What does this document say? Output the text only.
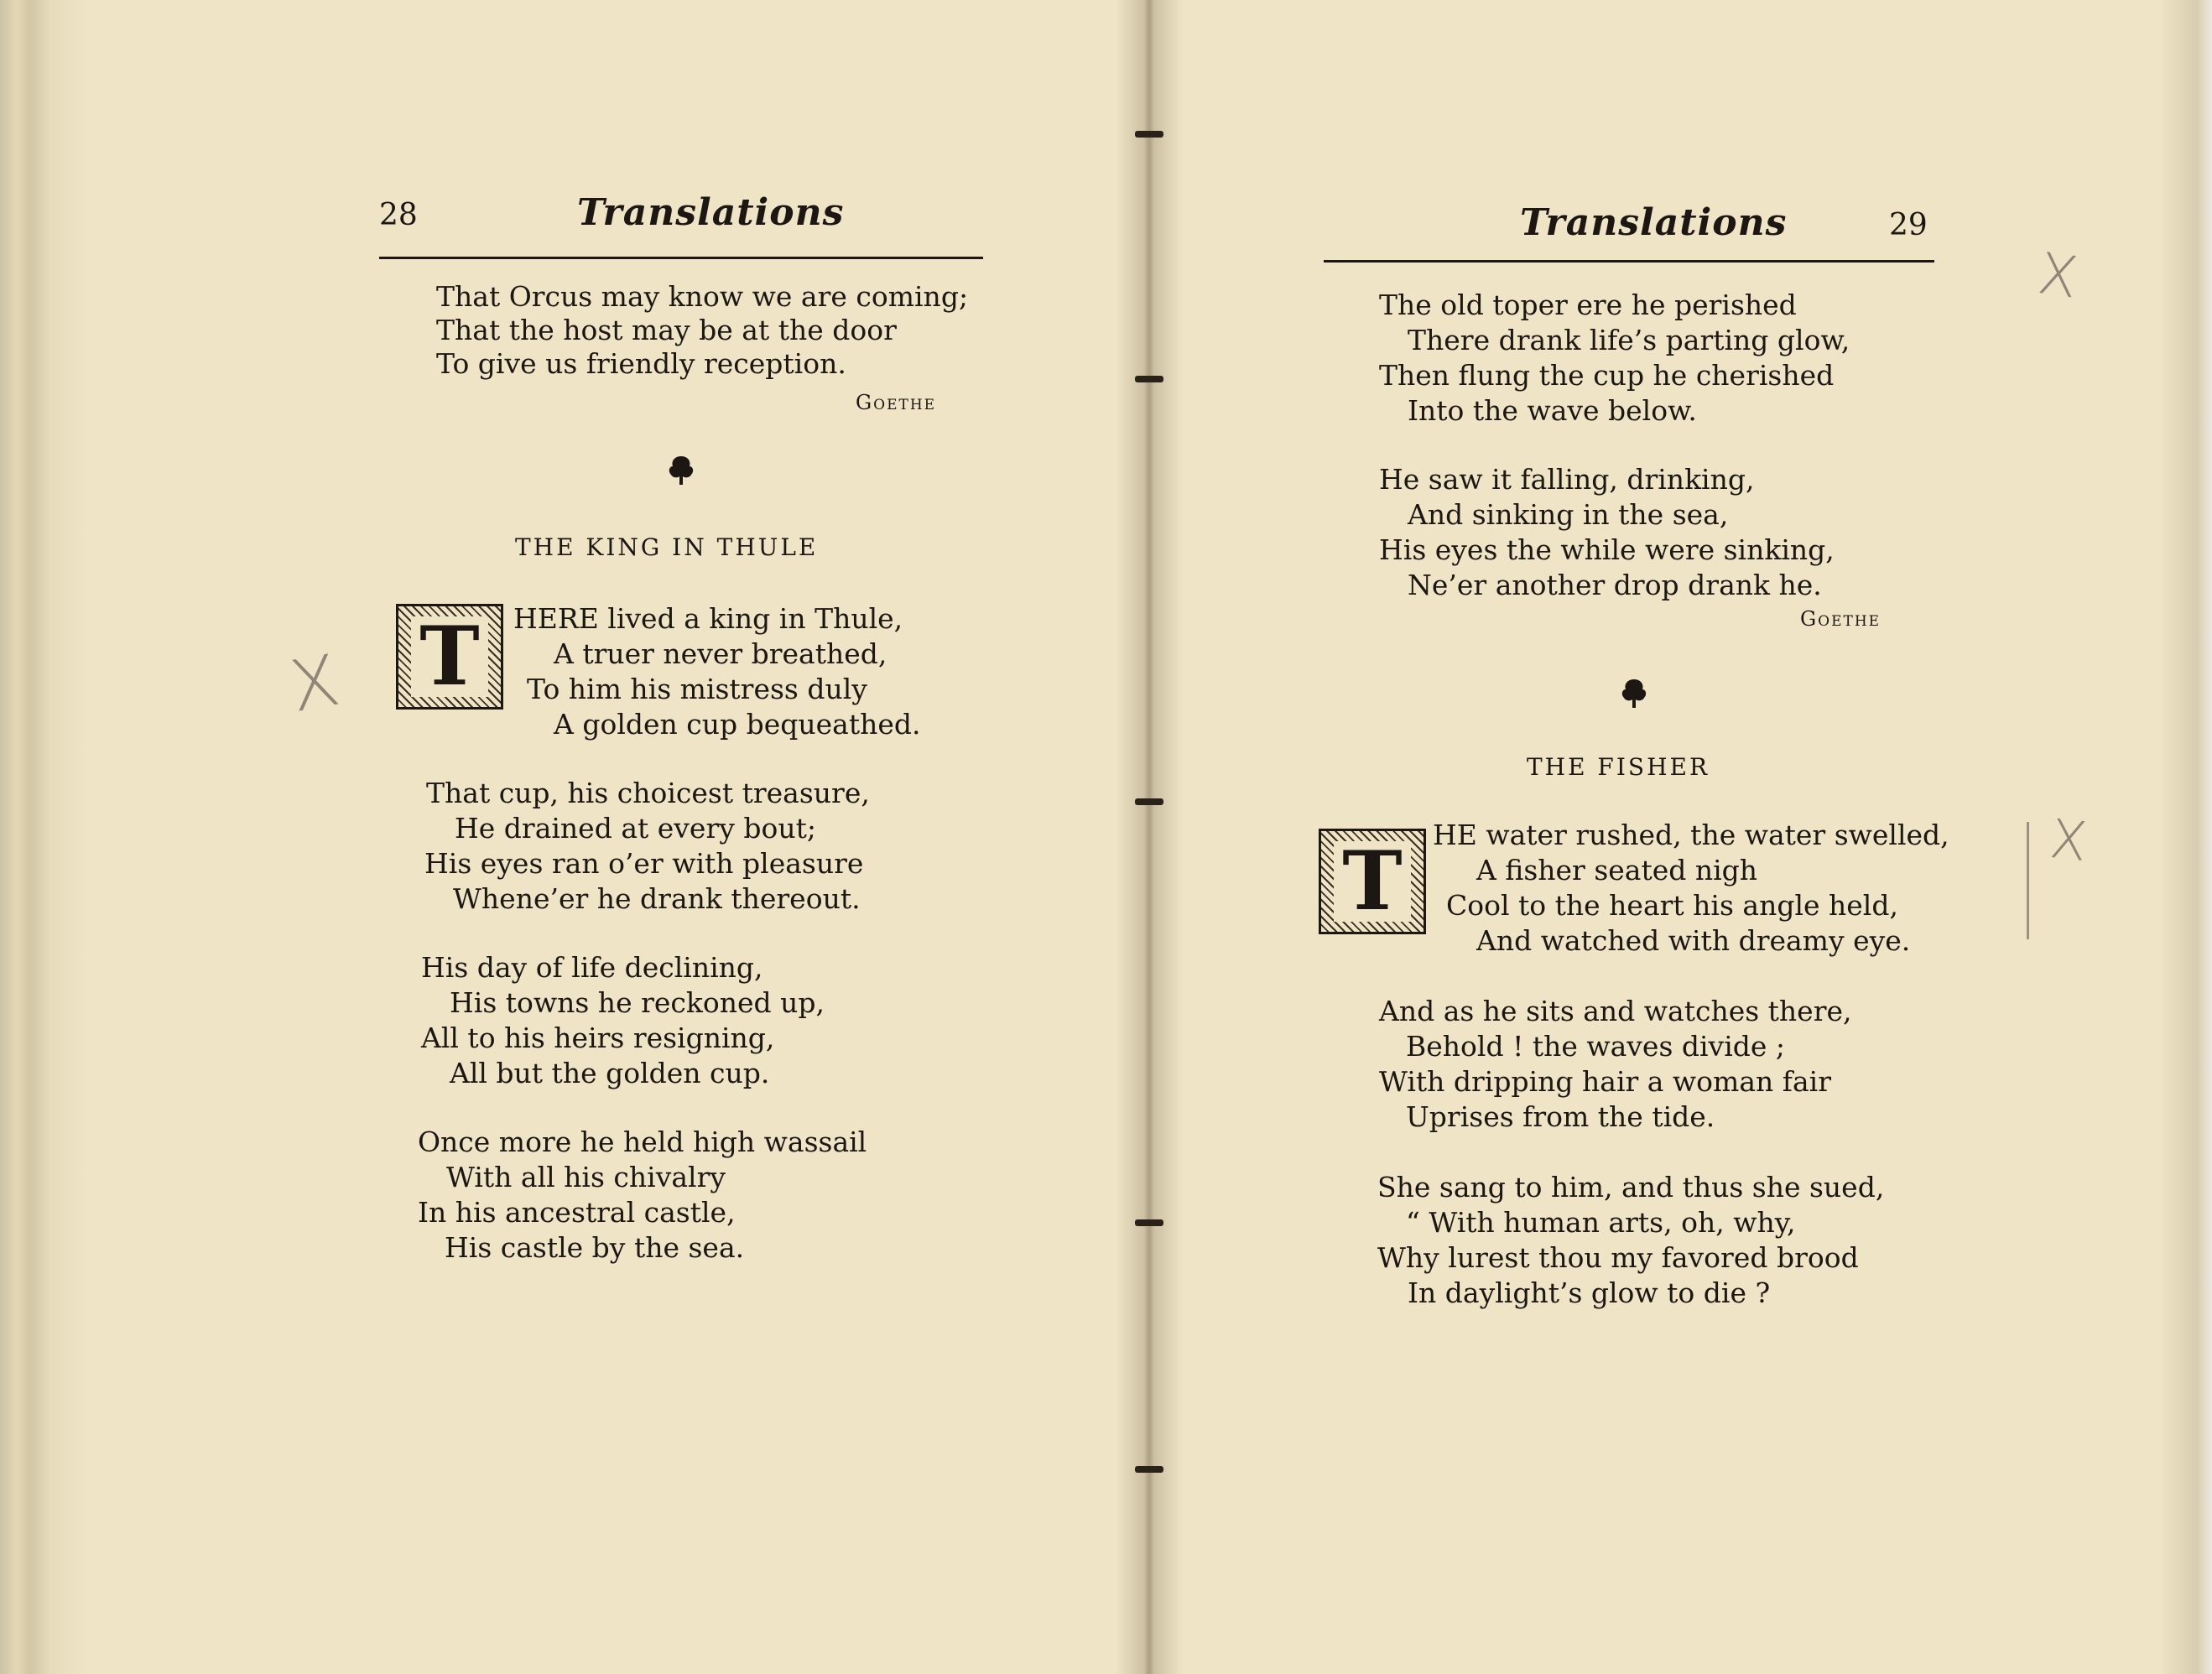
28	Translations
That Orcus may know we are coming;
That the host may be at the door
To give us friendly reception.
Goethe
THE KING IN THULE
T	HERE lived a king in Thule,
A truer never breathed,
To him his mistress duly
A golden cup bequeathed.
That cup, his choicest treasure,
He drained at every bout;
His eyes ran o’er with pleasure
Whene’er he drank thereout.
His day of life declining,
His towns he reckoned up,
All to his heirs resigning,
All but the golden cup.
Once more he held high wassail
With all his chivalry
In his ancestral castle,
His castle by the sea.
X
Translations	29
The old toper ere he perished
There drank life’s parting glow,
Then flung the cup he cherished
Into the wave below.
He saw it falling, drinking,
And sinking in the sea,
His eyes the while were sinking,
Ne’er another drop drank he.
Goethe
THE FISHER
T	HE water rushed, the water swelled,
A fisher seated nigh
Cool to the heart his angle held,
And watched with dreamy eye.
And as he sits and watches there,
Behold ! the waves divide ;
With dripping hair a woman fair
Uprises from the tide.
She sang to him, and thus she sued,
“ With human arts, oh, why,
Why lurest thou my favored brood
In daylight’s glow to die ?
X
X
